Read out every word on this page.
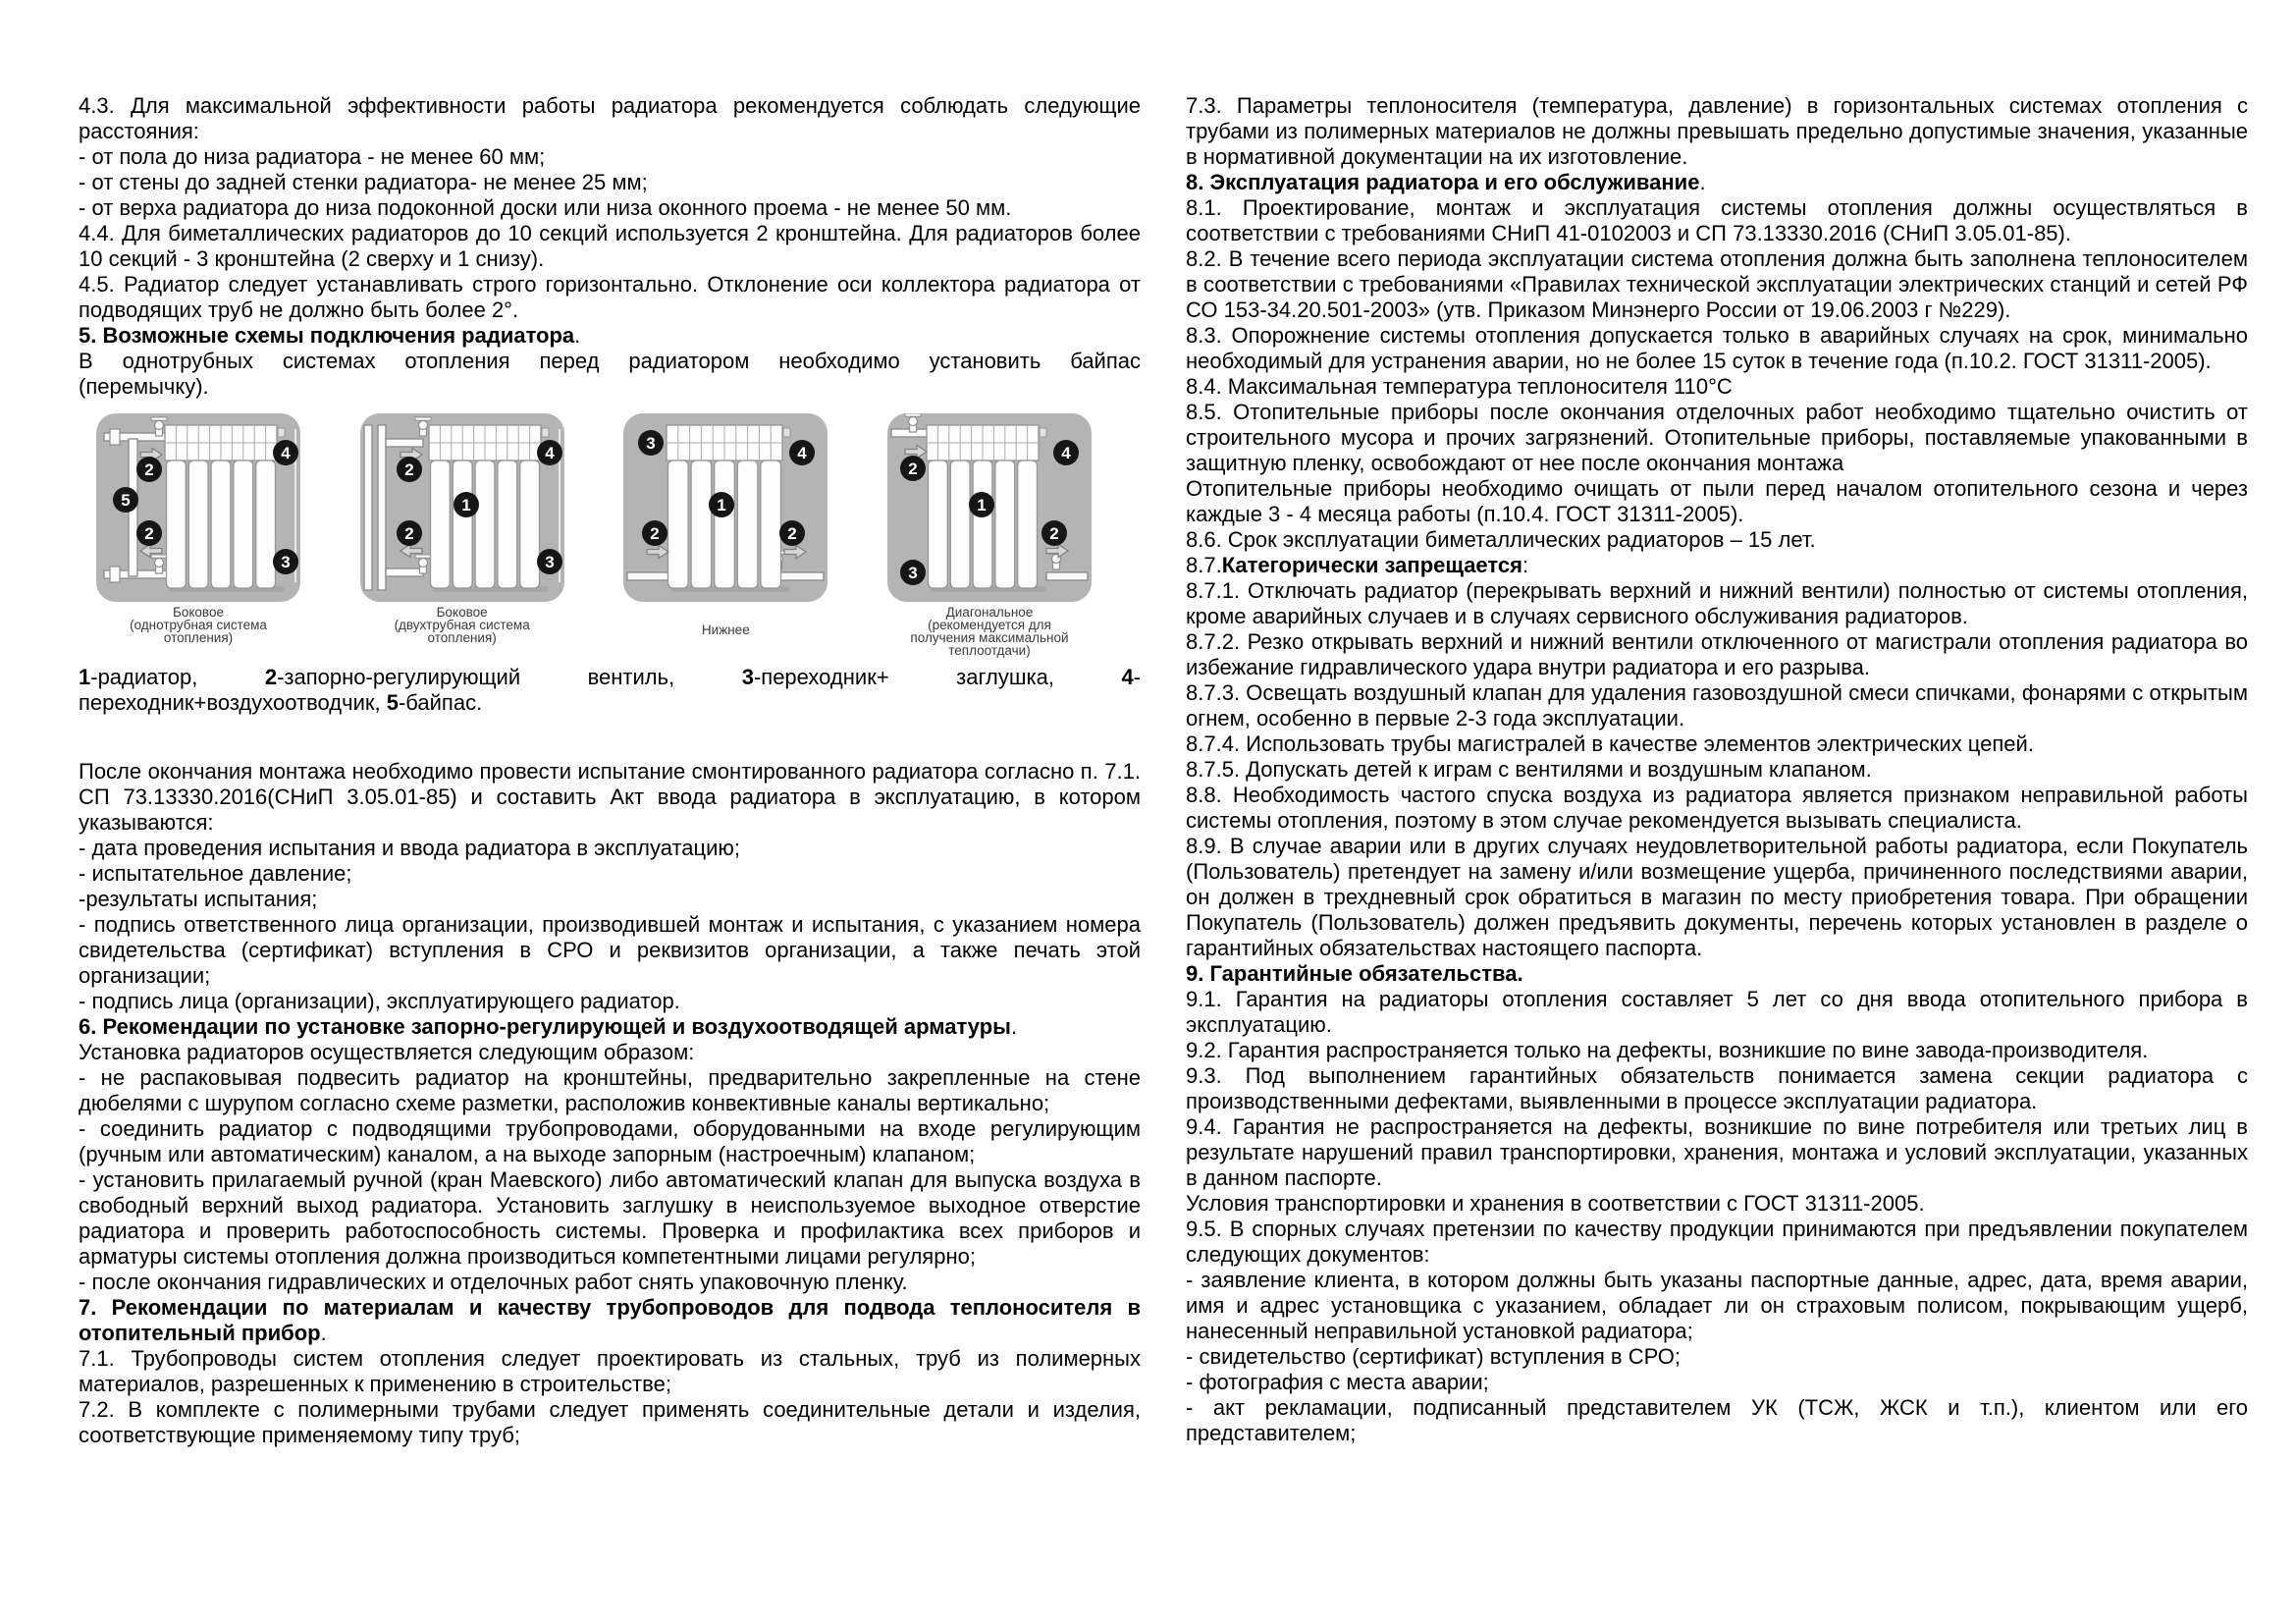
4.3. Для максимальной эффективности работы радиатора рекомендуется соблюдать следующие расстояния:

- от пола до низа радиатора - не менее 60 мм;

- от стены до задней стенки радиатора- не менее 25 мм;

- от верха радиатора до низа подоконной доски или низа оконного проема - не менее 50 мм.

4.4. Для биметаллических радиаторов до 10 секций используется 2 кронштейна. Для радиаторов более 10 секций - 3 кронштейна (2 сверху и 1 снизу).

4.5. Радиатор следует устанавливать строго горизонтально. Отклонение оси коллектора радиатора от подводящих труб не должно быть более 2°.

5. Возможные схемы подключения радиатора.

В однотрубных системах отопления перед радиатором необходимо установить байпас
(перемычку).

2
5
2
4
3
Боковое
(однотрубная система
отопления)
2
1
2
4
3
Боковое
(двухтрубная система
отопления)
3
4
1
2	2
Нижнее
2
4
1
2
3
Диагональное
(рекомендуется для
получения максимальной
теплоотдачи)

1-радиатор, 2-запорно-регулирующий вентиль, 3-переходник+ заглушка, 4-
переходник+воздухоотводчик, 5-байпас.

После окончания монтажа необходимо провести испытание смонтированного радиатора согласно п. 7.1. СП 73.13330.2016(СНиП 3.05.01-85) и составить Акт ввода радиатора в эксплуатацию, в котором указываются:

- дата проведения испытания и ввода радиатора в эксплуатацию;

- испытательное давление;

-результаты испытания;

- подпись ответственного лица организации, производившей монтаж и испытания, с указанием номера свидетельства (сертификат) вступления в СРО и реквизитов организации, а также печать этой организации;

- подпись лица (организации), эксплуатирующего радиатор.

6. Рекомендации по установке запорно-регулирующей и воздухоотводящей арматуры.

Установка радиаторов осуществляется следующим образом:

- не распаковывая подвесить радиатор на кронштейны, предварительно закрепленные на стене дюбелями с шурупом согласно схеме разметки, расположив конвективные каналы вертикально;

- соединить радиатор с подводящими трубопроводами, оборудованными на входе регулирующим (ручным или автоматическим) каналом, а на выходе запорным (настроечным) клапаном;

- установить прилагаемый ручной (кран Маевского) либо автоматический клапан для выпуска воздуха в свободный верхний выход радиатора. Установить заглушку в неиспользуемое выходное отверстие радиатора и проверить работоспособность системы. Проверка и профилактика всех приборов и арматуры системы отопления должна производиться компетентными лицами регулярно;

- после окончания гидравлических и отделочных работ снять упаковочную пленку.

7. Рекомендации по материалам и качеству трубопроводов для подвода теплоносителя в отопительный прибор.

7.1. Трубопроводы систем отопления следует проектировать из стальных, труб из полимерных материалов, разрешенных к применению в строительстве;

7.2. В комплекте с полимерными трубами следует применять соединительные детали и изделия, соответствующие применяемому типу труб;

7.3. Параметры теплоносителя (температура, давление) в горизонтальных системах отопления с трубами из полимерных материалов не должны превышать предельно допустимые значения, указанные в нормативной документации на их изготовление.

8. Эксплуатация радиатора и его обслуживание.

8.1. Проектирование, монтаж и эксплуатация системы отопления должны осуществляться в соответствии с требованиями СНиП 41-0102003 и СП 73.13330.2016 (СНиП 3.05.01-85).

8.2. В течение всего периода эксплуатации система отопления должна быть заполнена теплоносителем в соответствии с требованиями «Правилах технической эксплуатации электрических станций и сетей РФ СО 153-34.20.501-2003» (утв. Приказом Минэнерго России от 19.06.2003 г №229).

8.3. Опорожнение системы отопления допускается только в аварийных случаях на срок, минимально необходимый для устранения аварии, но не более 15 суток в течение года (п.10.2. ГОСТ 31311-2005).

8.4. Максимальная температура теплоносителя 110°С

8.5. Отопительные приборы после окончания отделочных работ необходимо тщательно очистить от строительного мусора и прочих загрязнений. Отопительные приборы, поставляемые упакованными в защитную пленку, освобождают от нее после окончания монтажа

Отопительные приборы необходимо очищать от пыли перед началом отопительного сезона и через каждые 3 - 4 месяца работы (п.10.4. ГОСТ 31311-2005).

8.6. Срок эксплуатации биметаллических радиаторов – 15 лет.

8.7.Категорически запрещается:

8.7.1. Отключать радиатор (перекрывать верхний и нижний вентили) полностью от системы отопления, кроме аварийных случаев и в случаях сервисного обслуживания радиаторов.

8.7.2. Резко открывать верхний и нижний вентили отключенного от магистрали отопления радиатора во избежание гидравлического удара внутри радиатора и его разрыва.

8.7.3. Освещать воздушный клапан для удаления газовоздушной смеси спичками, фонарями с открытым огнем, особенно в первые 2-3 года эксплуатации.

8.7.4. Использовать трубы магистралей в качестве элементов электрических цепей.

8.7.5. Допускать детей к играм с вентилями и воздушным клапаном.

8.8. Необходимость частого спуска воздуха из радиатора является признаком неправильной работы системы отопления, поэтому в этом случае рекомендуется вызывать специалиста.

8.9. В случае аварии или в других случаях неудовлетворительной работы радиатора, если Покупатель (Пользователь) претендует на замену и/или возмещение ущерба, причиненного последствиями аварии, он должен в трехдневный срок обратиться в магазин по месту приобретения товара. При обращении Покупатель (Пользователь) должен предъявить документы, перечень которых установлен в разделе о гарантийных обязательствах настоящего паспорта.

9. Гарантийные обязательства.

9.1. Гарантия на радиаторы отопления составляет 5 лет со дня ввода отопительного прибора в эксплуатацию.

9.2. Гарантия распространяется только на дефекты, возникшие по вине завода-производителя.

9.3. Под выполнением гарантийных обязательств понимается замена секции радиатора с производственными дефектами, выявленными в процессе эксплуатации радиатора.

9.4. Гарантия не распространяется на дефекты, возникшие по вине потребителя или третьих лиц в результате нарушений правил транспортировки, хранения, монтажа и условий эксплуатации, указанных в данном паспорте.

Условия транспортировки и хранения в соответствии с ГОСТ 31311-2005.

9.5. В спорных случаях претензии по качеству продукции принимаются при предъявлении покупателем следующих документов:

- заявление клиента, в котором должны быть указаны паспортные данные, адрес, дата, время аварии, имя и адрес установщика с указанием, обладает ли он страховым полисом, покрывающим ущерб, нанесенный неправильной установкой радиатора;

- свидетельство (сертификат) вступления в СРО;

- фотография с места аварии;

- акт рекламации, подписанный представителем УК (ТСЖ, ЖСК и т.п.), клиентом или его представителем;
